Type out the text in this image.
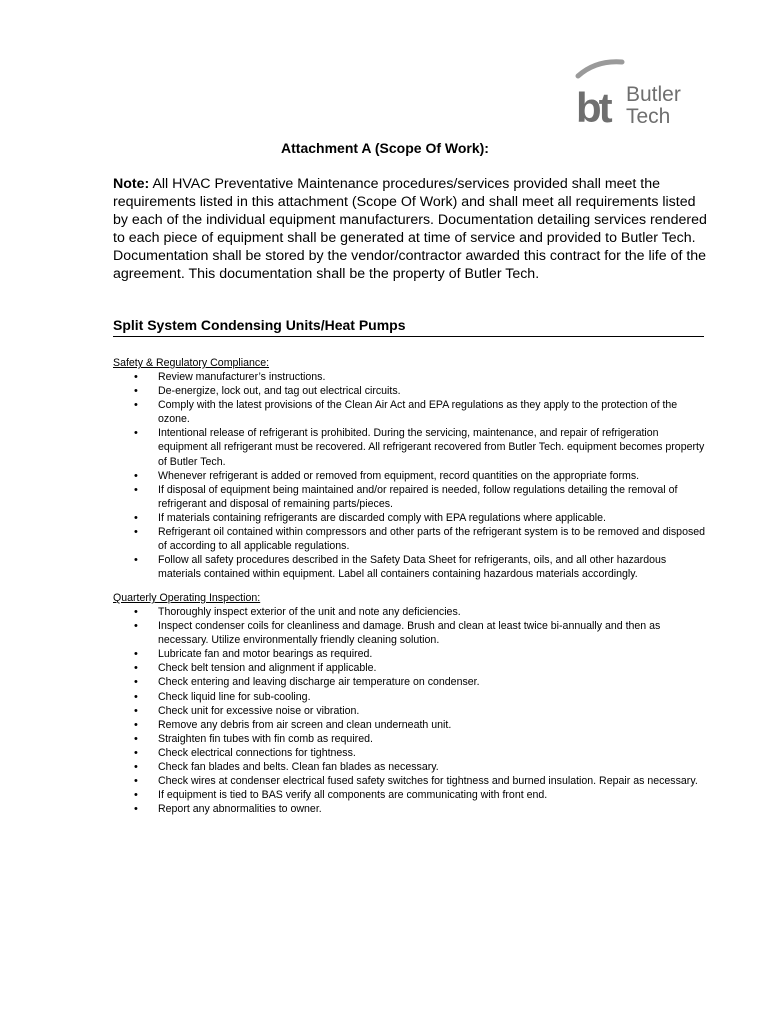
bt Butler
Tech
Attachment A (Scope Of Work):
Note: All HVAC Preventative Maintenance procedures/services provided shall meet the requirements listed in this attachment (Scope Of Work) and shall meet all requirements listed by each of the individual equipment manufacturers. Documentation detailing services rendered to each piece of equipment shall be generated at time of service and provided to Butler Tech. Documentation shall be stored by the vendor/contractor awarded this contract for the life of the agreement. This documentation shall be the property of Butler Tech.
Split System Condensing Units/Heat Pumps
Safety & Regulatory Compliance:
• Review manufacturer’s instructions.
• De-energize, lock out, and tag out electrical circuits.
• Comply with the latest provisions of the Clean Air Act and EPA regulations as they apply to the protection of the ozone.
• Intentional release of refrigerant is prohibited. During the servicing, maintenance, and repair of refrigeration equipment all refrigerant must be recovered. All refrigerant recovered from Butler Tech. equipment becomes property of Butler Tech.
• Whenever refrigerant is added or removed from equipment, record quantities on the appropriate forms.
• If disposal of equipment being maintained and/or repaired is needed, follow regulations detailing the removal of refrigerant and disposal of remaining parts/pieces.
• If materials containing refrigerants are discarded comply with EPA regulations where applicable.
• Refrigerant oil contained within compressors and other parts of the refrigerant system is to be removed and disposed of according to all applicable regulations.
• Follow all safety procedures described in the Safety Data Sheet for refrigerants, oils, and all other hazardous materials contained within equipment. Label all containers containing hazardous materials accordingly.
Quarterly Operating Inspection:
• Thoroughly inspect exterior of the unit and note any deficiencies.
• Inspect condenser coils for cleanliness and damage. Brush and clean at least twice bi-annually and then as necessary. Utilize environmentally friendly cleaning solution.
• Lubricate fan and motor bearings as required.
• Check belt tension and alignment if applicable.
• Check entering and leaving discharge air temperature on condenser.
• Check liquid line for sub-cooling.
• Check unit for excessive noise or vibration.
• Remove any debris from air screen and clean underneath unit.
• Straighten fin tubes with fin comb as required.
• Check electrical connections for tightness.
• Check fan blades and belts. Clean fan blades as necessary.
• Check wires at condenser electrical fused safety switches for tightness and burned insulation. Repair as necessary.
• If equipment is tied to BAS verify all components are communicating with front end.
• Report any abnormalities to owner.
